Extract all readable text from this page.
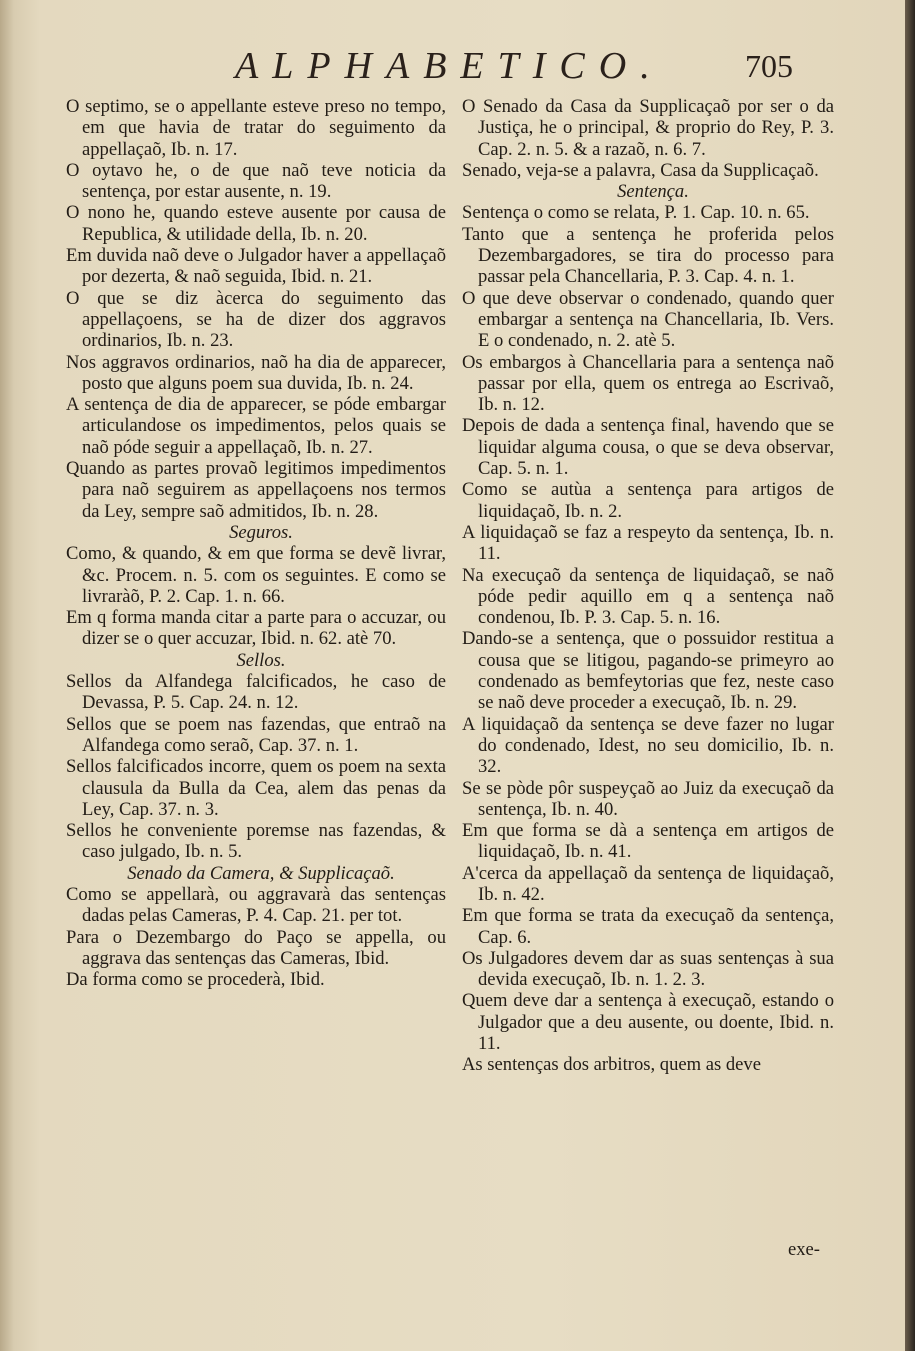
ALPHABETICO.	705

O septimo, se o appellante esteve preso no tempo, em que havia de tratar do seguimento da appellaçaõ, Ib. n. 17.

O oytavo he, o de que naõ teve noticia da sentença, por estar ausente, n. 19.

O nono he, quando esteve ausente por causa de Republica, & utilidade della, Ib. n. 20.

Em duvida naõ deve o Julgador haver a appellaçaõ por dezerta, & naõ seguida, Ibid. n. 21.

O que se diz àcerca do seguimento das appellaçoens, se ha de dizer dos aggravos ordinarios, Ib. n. 23.

Nos aggravos ordinarios, naõ ha dia de apparecer, posto que alguns poem sua duvida, Ib. n. 24.

A sentença de dia de apparecer, se póde embargar articulandose os impedimentos, pelos quais se naõ póde seguir a appellaçaõ, Ib. n. 27.

Quando as partes provaõ legitimos impedimentos para naõ seguirem as appellaçoens nos termos da Ley, sempre saõ admitidos, Ib. n. 28.

Seguros.

Como, & quando, & em que forma se devẽ livrar, &c. Procem. n. 5. com os seguintes. E como se livraràõ, P. 2. Cap. 1. n. 66.

Em q forma manda citar a parte para o accuzar, ou dizer se o quer accuzar, Ibid. n. 62. atè 70.

Sellos.

Sellos da Alfandega falcificados, he caso de Devassa, P. 5. Cap. 24. n. 12.

Sellos que se poem nas fazendas, que entraõ na Alfandega como seraõ, Cap. 37. n. 1.

Sellos falcificados incorre, quem os poem na sexta clausula da Bulla da Cea, alem das penas da Ley, Cap. 37. n. 3.

Sellos he conveniente poremse nas fazendas, & caso julgado, Ib. n. 5.

Senado da Camera, & Supplicaçaõ.

Como se appellarà, ou aggravarà das sentenças dadas pelas Cameras, P. 4. Cap. 21. per tot.

Para o Dezembargo do Paço se appella, ou aggrava das sentenças das Cameras, Ibid.

Da forma como se procederà, Ibid.

O Senado da Casa da Supplicaçaõ por ser o da Justiça, he o principal, & proprio do Rey, P. 3. Cap. 2. n. 5. & a razaõ, n. 6. 7.

Senado, veja-se a palavra, Casa da Supplicaçaõ.

Sentença.

Sentença o como se relata, P. 1. Cap. 10. n. 65.

Tanto que a sentença he proferida pelos Dezembargadores, se tira do processo para passar pela Chancellaria, P. 3. Cap. 4. n. 1.

O que deve observar o condenado, quando quer embargar a sentença na Chancellaria, Ib. Vers. E o condenado, n. 2. atè 5.

Os embargos à Chancellaria para a sentença naõ passar por ella, quem os entrega ao Escrivaõ, Ib. n. 12.

Depois de dada a sentença final, havendo que se liquidar alguma cousa, o que se deva observar, Cap. 5. n. 1.

Como se autùa a sentença para artigos de liquidaçaõ, Ib. n. 2.

A liquidaçaõ se faz a respeyto da sentença, Ib. n. 11.

Na execuçaõ da sentença de liquidaçaõ, se naõ póde pedir aquillo em q a sentença naõ condenou, Ib. P. 3. Cap. 5. n. 16.

Dando-se a sentença, que o possuidor restitua a cousa que se litigou, pagando-se primeyro ao condenado as bemfeytorias que fez, neste caso se naõ deve proceder a execuçaõ, Ib. n. 29.

A liquidaçaõ da sentença se deve fazer no lugar do condenado, Idest, no seu domicilio, Ib. n. 32.

Se se pòde pôr suspeyçaõ ao Juiz da execuçaõ da sentença, Ib. n. 40.

Em que forma se dà a sentença em artigos de liquidaçaõ, Ib. n. 41.

A'cerca da appellaçaõ da sentença de liquidaçaõ, Ib. n. 42.

Em que forma se trata da execuçaõ da sentença, Cap. 6.

Os Julgadores devem dar as suas sentenças à sua devida execuçaõ, Ib. n. 1. 2. 3.

Quem deve dar a sentença à execuçaõ, estando o Julgador que a deu ausente, ou doente, Ibid. n. 11.

As sentenças dos arbitros, quem as deve

exe-
